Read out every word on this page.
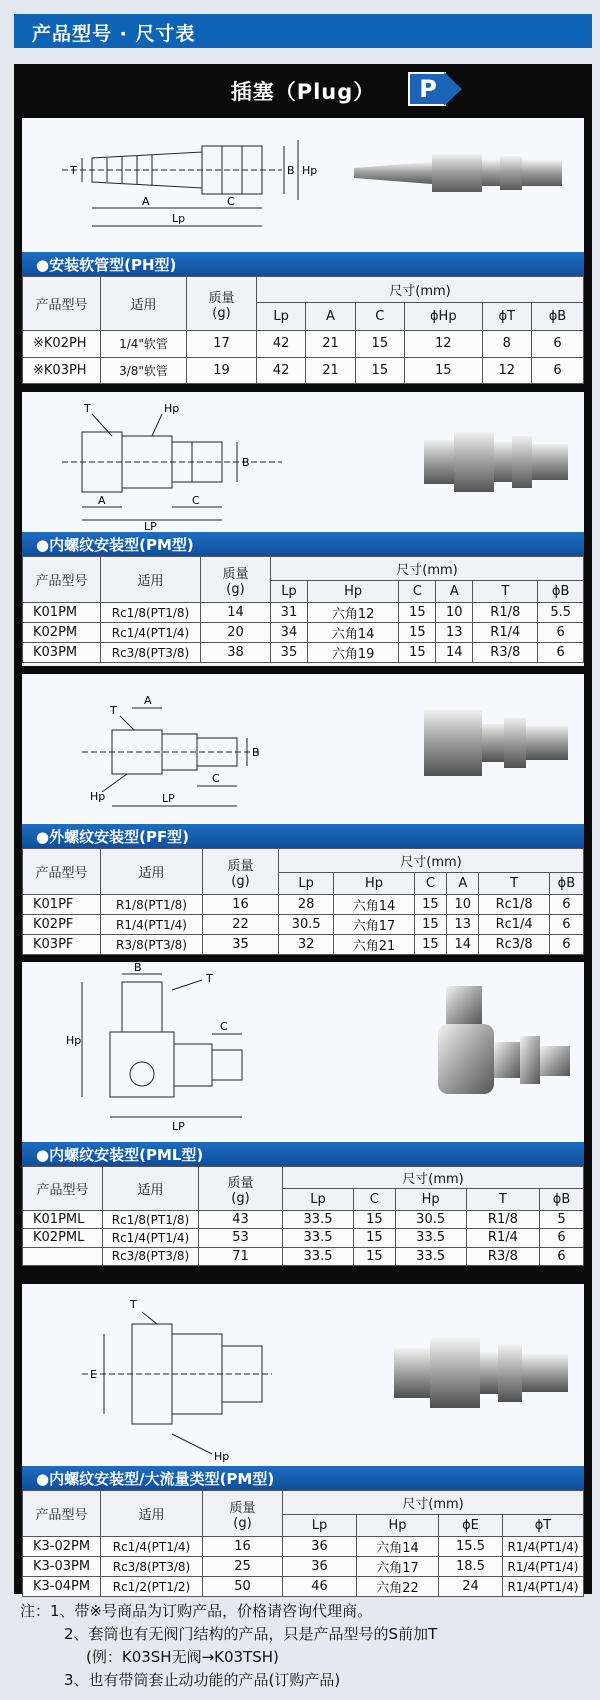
产品型号 · 尺寸表
插塞（Plug）	P
T
A	C
Lp
B Hp
●安装软管型(PH型)
产品型号	适用	质量
(g)	尺寸(mm)					
			Lp	A	C	ϕHp	ϕT	ϕB
※K02PH	1/4"软管	17	42	21	15	12	8	6
※K03PH	3/8"软管	19	42	21	15	15	12	6
T	Hp
B
A	C
LP
●内螺纹安装型(PM型)
产品型号	适用	质量
(g)	尺寸(mm)					
			Lp	Hp	C	A	T	ϕB
K01PM	Rc1/8(PT1/8)	14	31	六角12	15	10	R1/8	5.5
K02PM	Rc1/4(PT1/4)	20	34	六角14	15	13	R1/4	6
K03PM	Rc3/8(PT3/8)	38	35	六角19	15	14	R3/8	6
A
T
B
C
Hp	LP
●外螺纹安装型(PF型)
产品型号	适用	质量
(g)	尺寸(mm)					
			Lp	Hp	C	A	T	ϕB
K01PF	R1/8(PT1/8)	16	28	六角14	15	10	Rc1/8	6
K02PF	R1/4(PT1/4)	22	30.5	六角17	15	13	Rc1/4	6
K03PF	R3/8(PT3/8)	35	32	六角21	15	14	Rc3/8	6
B
T
C
Hp
LP
●内螺纹安装型(PML型)
产品型号	适用	质量
(g)	尺寸(mm)				
			Lp	C	Hp	T	ϕB
K01PML	Rc1/8(PT1/8)	43	33.5	15	30.5	R1/8	5
K02PML	Rc1/4(PT1/4)	53	33.5	15	33.5	R1/4	6
	Rc3/8(PT3/8)	71	33.5	15	33.5	R3/8	6
T
E
Hp
●内螺纹安装型/大流量类型(PM型)
产品型号	适用	质量
(g)	尺寸(mm)			
			Lp	Hp	ϕE	ϕT
K3-02PM	Rc1/4(PT1/4)	16	36	六角14	15.5	R1/4(PT1/4)
K3-03PM	Rc3/8(PT3/8)	25	36	六角17	18.5	R1/4(PT1/4)
K3-04PM	Rc1/2(PT1/2)	50	46	六角22	24	R1/4(PT1/4)
注：1、带※号商品为订购产品，价格请咨询代理商。
2、套筒也有无阀门结构的产品，只是产品型号的S前加T
(例：K03SH无阀→K03TSH)
3、也有带筒套止动功能的产品(订购产品)
